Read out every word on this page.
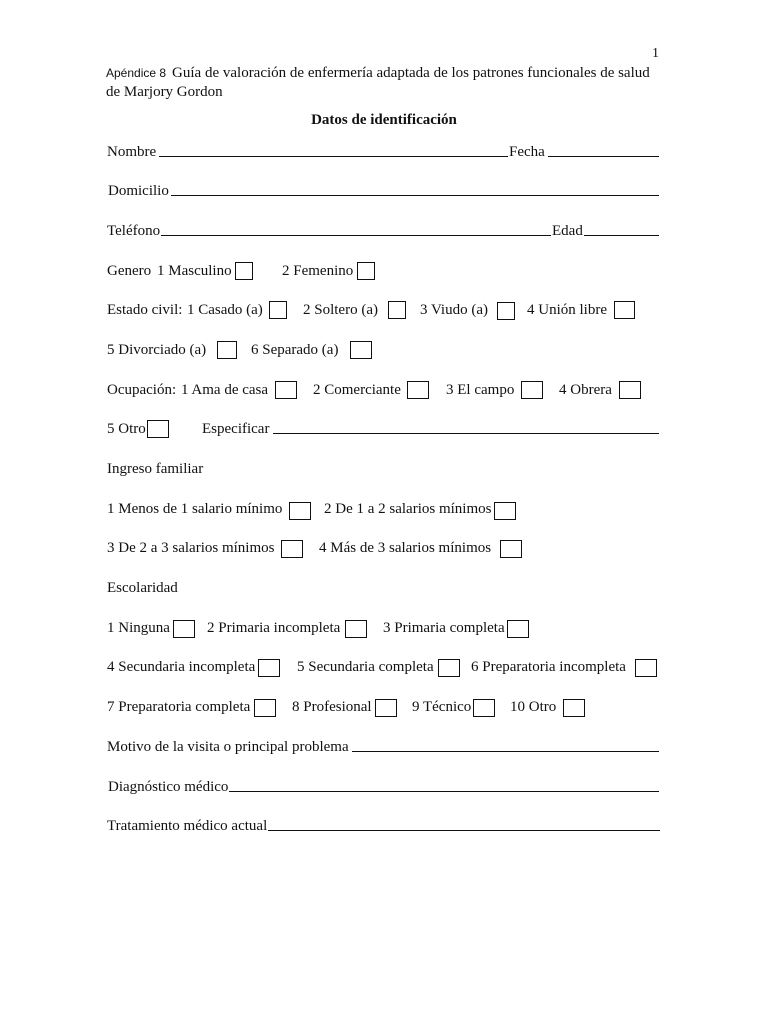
1
Apéndice 8 Guía de valoración de enfermería adaptada de los patrones funcionales de salud de Marjory Gordon
Datos de identificación
Nombre	Fecha
Domicilio
Teléfono	Edad
Genero 1 Masculino	2 Femenino
Estado civil: 1 Casado (a)	2 Soltero (a)	3 Viudo (a)	4 Unión libre
5 Divorciado (a)	6 Separado (a)
Ocupación: 1 Ama de casa	2 Comerciante	3 El campo	4 Obrera
5 Otro	Especificar
Ingreso familiar
1 Menos de 1 salario mínimo	2 De 1 a 2 salarios mínimos
3 De 2 a 3 salarios mínimos	4 Más de 3 salarios mínimos
Escolaridad
1 Ninguna 2 Primaria incompleta	3 Primaria completa
4 Secundaria incompleta	5 Secundaria completa 6 Preparatoria incompleta
7 Preparatoria completa	8 Profesional	9 Técnico	10 Otro
Motivo de la visita o principal problema
Diagnóstico médico
Tratamiento médico actual
